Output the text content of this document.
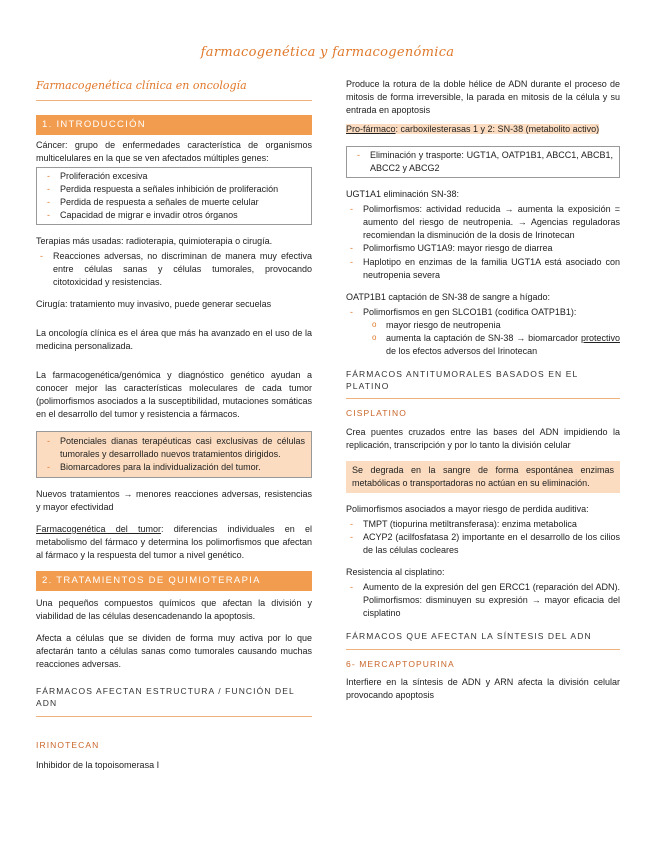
farmacogenética y farmacogenómica
Farmacogenética clínica en oncología
1. INTRODUCCIÓN

Cáncer: grupo de enfermedades característica de organismos multicelulares en la que se ven afectados múltiples genes:

- Proliferación excesiva
- Perdida respuesta a señales inhibición de proliferación
- Perdida de respuesta a señales de muerte celular
- Capacidad de migrar e invadir otros órganos

Terapias más usadas: radioterapia, quimioterapia o cirugía.

- Reacciones adversas, no discriminan de manera muy efectiva entre células sanas y células tumorales, provocando citotoxicidad y resistencias.

Cirugía: tratamiento muy invasivo, puede generar secuelas

La oncología clínica es el área que más ha avanzado en el uso de la medicina personalizada.

La farmacogenética/genómica y diagnóstico genético ayudan a conocer mejor las características moleculares de cada tumor (polimorfismos asociados a la susceptibilidad, mutaciones somáticas en el desarrollo del tumor y resistencia a fármacos.

- Potenciales dianas terapéuticas casi exclusivas de células tumorales y desarrollado nuevos tratamientos dirigidos.
- Biomarcadores para la individualización del tumor.

Nuevos tratamientos → menores reacciones adversas, resistencias y mayor efectividad

Farmacogenética del tumor: diferencias individuales en el metabolismo del fármaco y determina los polimorfismos que afectan al fármaco y la respuesta del tumor a nivel genético.

2. TRATAMIENTOS DE QUIMIOTERAPIA

Una pequeños compuestos químicos que afectan la división y viabilidad de las células desencadenando la apoptosis.

Afecta a células que se dividen de forma muy activa por lo que afectarán tanto a células sanas como tumorales causando muchas reacciones adversas.

FÁRMACOS AFECTAN ESTRUCTURA / FUNCIÓN DEL ADN
IRINOTECAN

Inhibidor de la topoisomerasa I

Produce la rotura de la doble hélice de ADN durante el proceso de mitosis de forma irreversible, la parada en mitosis de la célula y su entrada en apoptosis

Pro-fármaco: carboxilesterasas 1 y 2: SN-38 (metabolito activo)

- Eliminación y trasporte: UGT1A, OATP1B1, ABCC1, ABCB1, ABCC2 y ABCG2

UGT1A1 eliminación SN-38:

- Polimorfismos: actividad reducida → aumenta la exposición = aumento del riesgo de neutropenia. → Agencias reguladoras recomiendan la disminución de la dosis de Irinotecan
- Polimorfismo UGT1A9: mayor riesgo de diarrea
- Haplotipo en enzimas de la familia UGT1A está asociado con neutropenia severa

OATP1B1 captación de SN-38 de sangre a hígado:

- Polimorfismos en gen SLCO1B1 (codifica OATP1B1):
o mayor riesgo de neutropenia
o aumenta la captación de SN-38 → biomarcador protectivo de los efectos adversos del Irinotecan
FÁRMACOS ANTITUMORALES BASADOS EN EL PLATINO
CISPLATINO

Crea puentes cruzados entre las bases del ADN impidiendo la replicación, transcripción y por lo tanto la división celular

Se degrada en la sangre de forma espontánea enzimas metabólicas o transportadoras no actúan en su eliminación.

Polimorfismos asociados a mayor riesgo de perdida auditiva:

- TMPT (tiopurina metiltransferasa): enzima metabolica
- ACYP2 (acilfosfatasa 2) importante en el desarrollo de los cilios de las células cocleares

Resistencia al cisplatino:

- Aumento de la expresión del gen ERCC1 (reparación del ADN). Polimorfismos: disminuyen su expresión → mayor eficacia del cisplatino
FÁRMACOS QUE AFECTAN LA SÍNTESIS DEL ADN
6- MERCAPTOPURINA

Interfiere en la síntesis de ADN y ARN afecta la división celular provocando apoptosis
